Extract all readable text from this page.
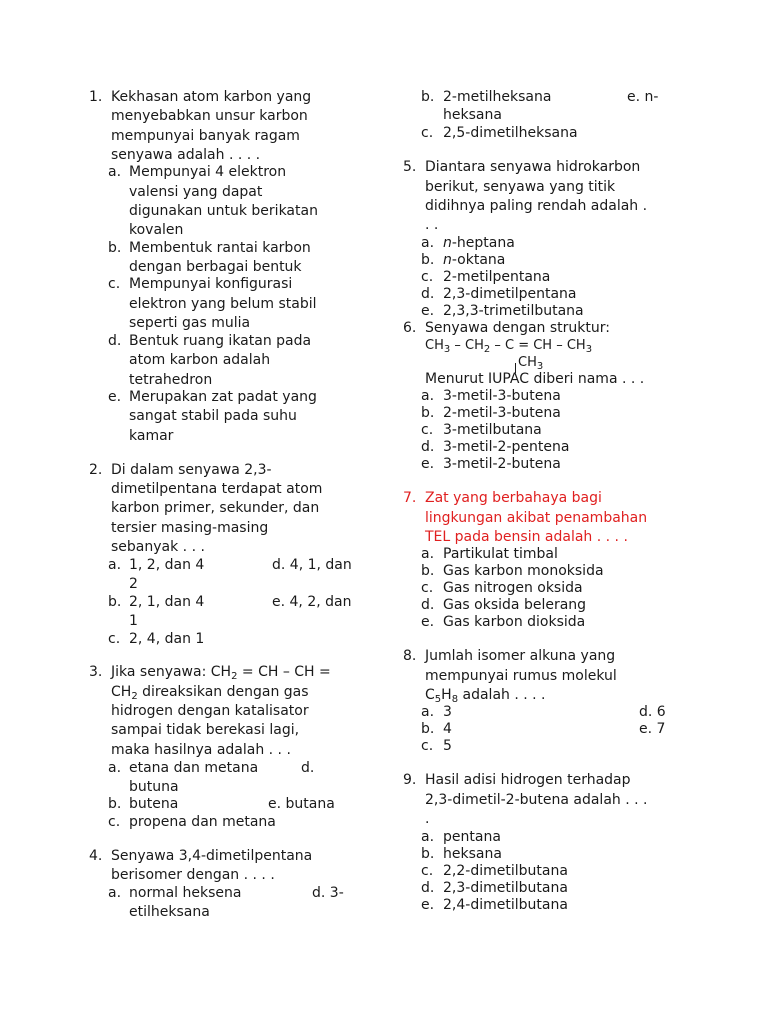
1. Kekhasan atom karbon yang
menyebabkan unsur karbon
mempunyai banyak ragam
senyawa adalah . . . .
a. Mempunyai 4 elektron
valensi yang dapat
digunakan untuk berikatan
kovalen
b. Membentuk rantai karbon
dengan berbagai bentuk
c. Mempunyai konfigurasi
elektron yang belum stabil
seperti gas mulia
d. Bentuk ruang ikatan pada
atom karbon adalah
tetrahedron
e. Merupakan zat padat yang
sangat stabil pada suhu
kamar
2. Di dalam senyawa 2,3-
dimetilpentana terdapat atom
karbon primer, sekunder, dan
tersier masing-masing
sebanyak . . .
a. 1, 2, dan 4	d. 4, 1, dan
2
b. 2, 1, dan 4	e. 4, 2, dan
1
c. 2, 4, dan 1
3. Jika senyawa: $CH_2$ = CH – CH =
$CH_2$ direaksikan dengan gas
hidrogen dengan katalisator
sampai tidak berekasi lagi,
maka hasilnya adalah . . .
a. etana dan metana	d.
butuna
b. butena	e. butana
c. propena dan metana
4. Senyawa 3,4-dimetilpentana
berisomer dengan . . . .
a. normal heksena	d. 3-
etilheksana
b. 2-metilheksana	e. n-
heksana
c. 2,5-dimetilheksana
5. Diantara senyawa hidrokarbon
berikut, senyawa yang titik
didihnya paling rendah adalah .
. .
a. n-heptana
b. n-oktana
c. 2-metilpentana
d. 2,3-dimetilpentana
e. 2,3,3-trimetilbutana
6. Senyawa dengan struktur:
$CH_3 - CH_2$ – C = CH – $CH_3$
$CH_3$
Menurut IUPAC diberi nama . . .
a. 3-metil-3-butena
b. 2-metil-3-butena
c. 3-metilbutana
d. 3-metil-2-pentena
e. 3-metil-2-butena
7. Zat yang berbahaya bagi
lingkungan akibat penambahan
TEL pada bensin adalah . . . .
a. Partikulat timbal
b. Gas karbon monoksida
c. Gas nitrogen oksida
d. Gas oksida belerang
e. Gas karbon dioksida
8. Jumlah isomer alkuna yang
mempunyai rumus molekul
$C_5H_8$ adalah . . . .
a. 3	d. 6
b. 4	e. 7
c. 5
9. Hasil adisi hidrogen terhadap
2,3-dimetil-2-butena adalah . . .
.
a. pentana
b. heksana
c. 2,2-dimetilbutana
d. 2,3-dimetilbutana
e. 2,4-dimetilbutana
